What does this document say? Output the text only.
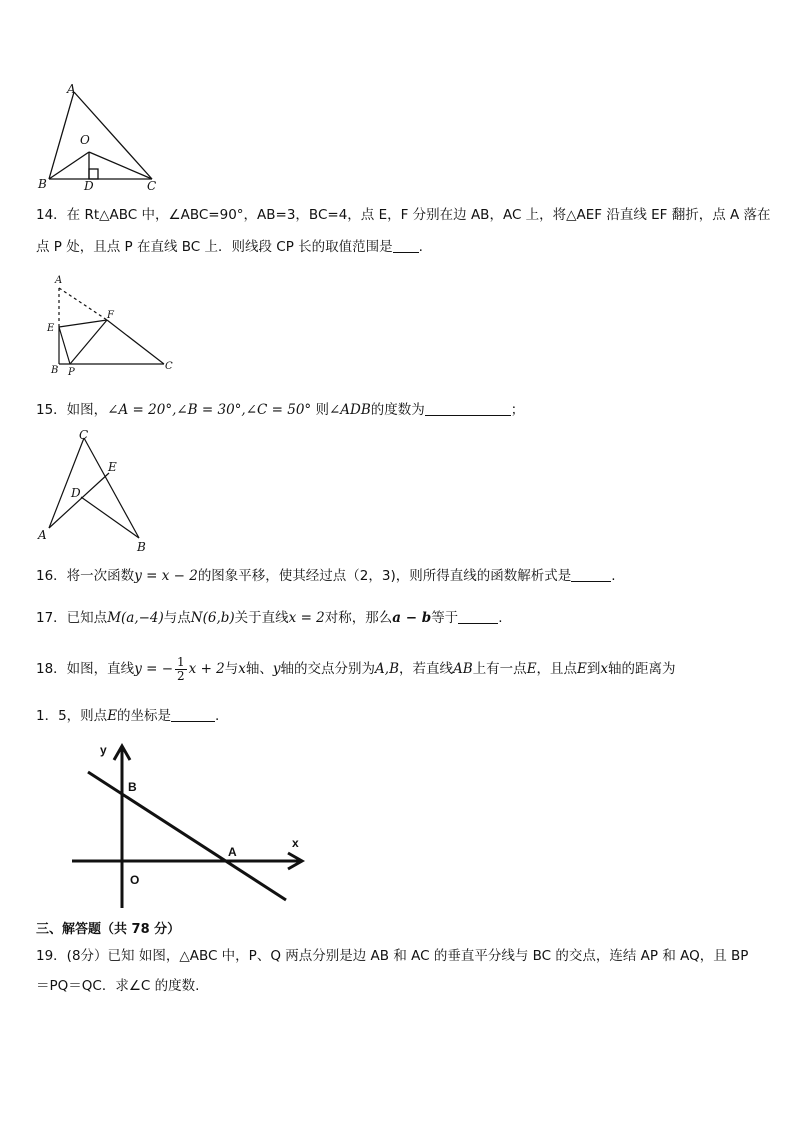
A
B	C
O
D
14．在 Rt△ABC 中，∠ABC=90°，AB=3，BC=4，点 E，F 分别在边 AB，AC 上，将△AEF 沿直线 EF 翻折，点 A 落在
点 P 处，且点 P 在直线 BC 上．则线段 CP 长的取值范围是 .
A
E
F
B P
C
15．如图，∠A = 20°,∠B = 30°,∠C = 50° 则∠ADB的度数为	；
C
E
D
A
B
16．将一次函数y = x − 2的图象平移，使其经过点（2，3)，则所得直线的函数解析式是	.
17．已知点M(a,−4)与点N(6,b)关于直线x = 2对称，那么a − b等于	.
18．如图，直线y = − $\frac{1}{2}$ x + 2与x轴、y轴的交点分别为A,B，若直线AB上有一点E，且点E到x轴的距离为
1．5，则点E的坐标是	.
y
x
B
A
O
三、解答题（共 78 分）
19．(8分）已知 如图，△ABC 中，P、Q 两点分别是边 AB 和 AC 的垂直平分线与 BC 的交点，连结 AP 和 AQ，且 BP
＝PQ＝QC．求∠C 的度数.
